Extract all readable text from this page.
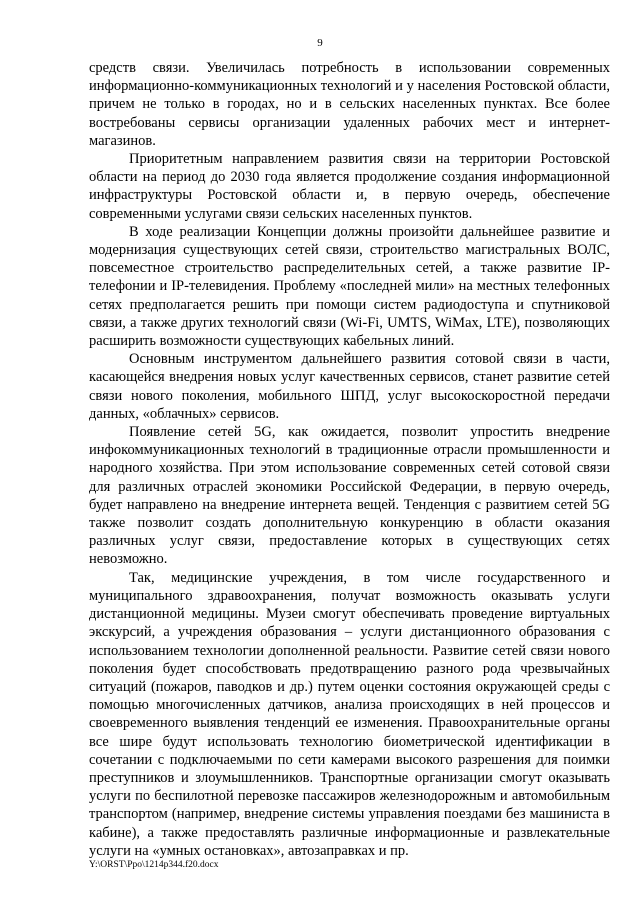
9

средств связи. Увеличилась потребность в использовании современных информационно-коммуникационных технологий и у населения Ростовской области, причем не только в городах, но и в сельских населенных пунктах. Все более востребованы сервисы организации удаленных рабочих мест и интернет-магазинов.

Приоритетным направлением развития связи на территории Ростовской области на период до 2030 года является продолжение создания информационной инфраструктуры Ростовской области и, в первую очередь, обеспечение современными услугами связи сельских населенных пунктов.

В ходе реализации Концепции должны произойти дальнейшее развитие и модернизация существующих сетей связи, строительство магистральных ВОЛС, повсеместное строительство распределительных сетей, а также развитие IP-телефонии и IP-телевидения. Проблему «последней мили» на местных телефонных сетях предполагается решить при помощи систем радиодоступа и спутниковой связи, а также других технологий связи (Wi-Fi, UMTS, WiMax, LTE), позволяющих расширить возможности существующих кабельных линий.

Основным инструментом дальнейшего развития сотовой связи в части, касающейся внедрения новых услуг качественных сервисов, станет развитие сетей связи нового поколения, мобильного ШПД, услуг высокоскоростной передачи данных, «облачных» сервисов.

Появление сетей 5G, как ожидается, позволит упростить внедрение инфокоммуникационных технологий в традиционные отрасли промышленности и народного хозяйства. При этом использование современных сетей сотовой связи для различных отраслей экономики Российской Федерации, в первую очередь, будет направлено на внедрение интернета вещей. Тенденция с развитием сетей 5G также позволит создать дополнительную конкуренцию в области оказания различных услуг связи, предоставление которых в существующих сетях невозможно.

Так, медицинские учреждения, в том числе государственного и муниципального здравоохранения, получат возможность оказывать услуги дистанционной медицины. Музеи смогут обеспечивать проведение виртуальных экскурсий, а учреждения образования – услуги дистанционного образования с использованием технологии дополненной реальности. Развитие сетей связи нового поколения будет способствовать предотвращению разного рода чрезвычайных ситуаций (пожаров, паводков и др.) путем оценки состояния окружающей среды с помощью многочисленных датчиков, анализа происходящих в ней процессов и своевременного выявления тенденций ее изменения. Правоохранительные органы все шире будут использовать технологию биометрической идентификации в сочетании с подключаемыми по сети камерами высокого разрешения для поимки преступников и злоумышленников. Транспортные организации смогут оказывать услуги по беспилотной перевозке пассажиров железнодорожным и автомобильным транспортом (например, внедрение системы управления поездами без машиниста в кабине), а также предоставлять различные информационные и развлекательные услуги на «умных остановках», автозаправках и пр.

Y:\ORST\Ppo\1214p344.f20.docx
